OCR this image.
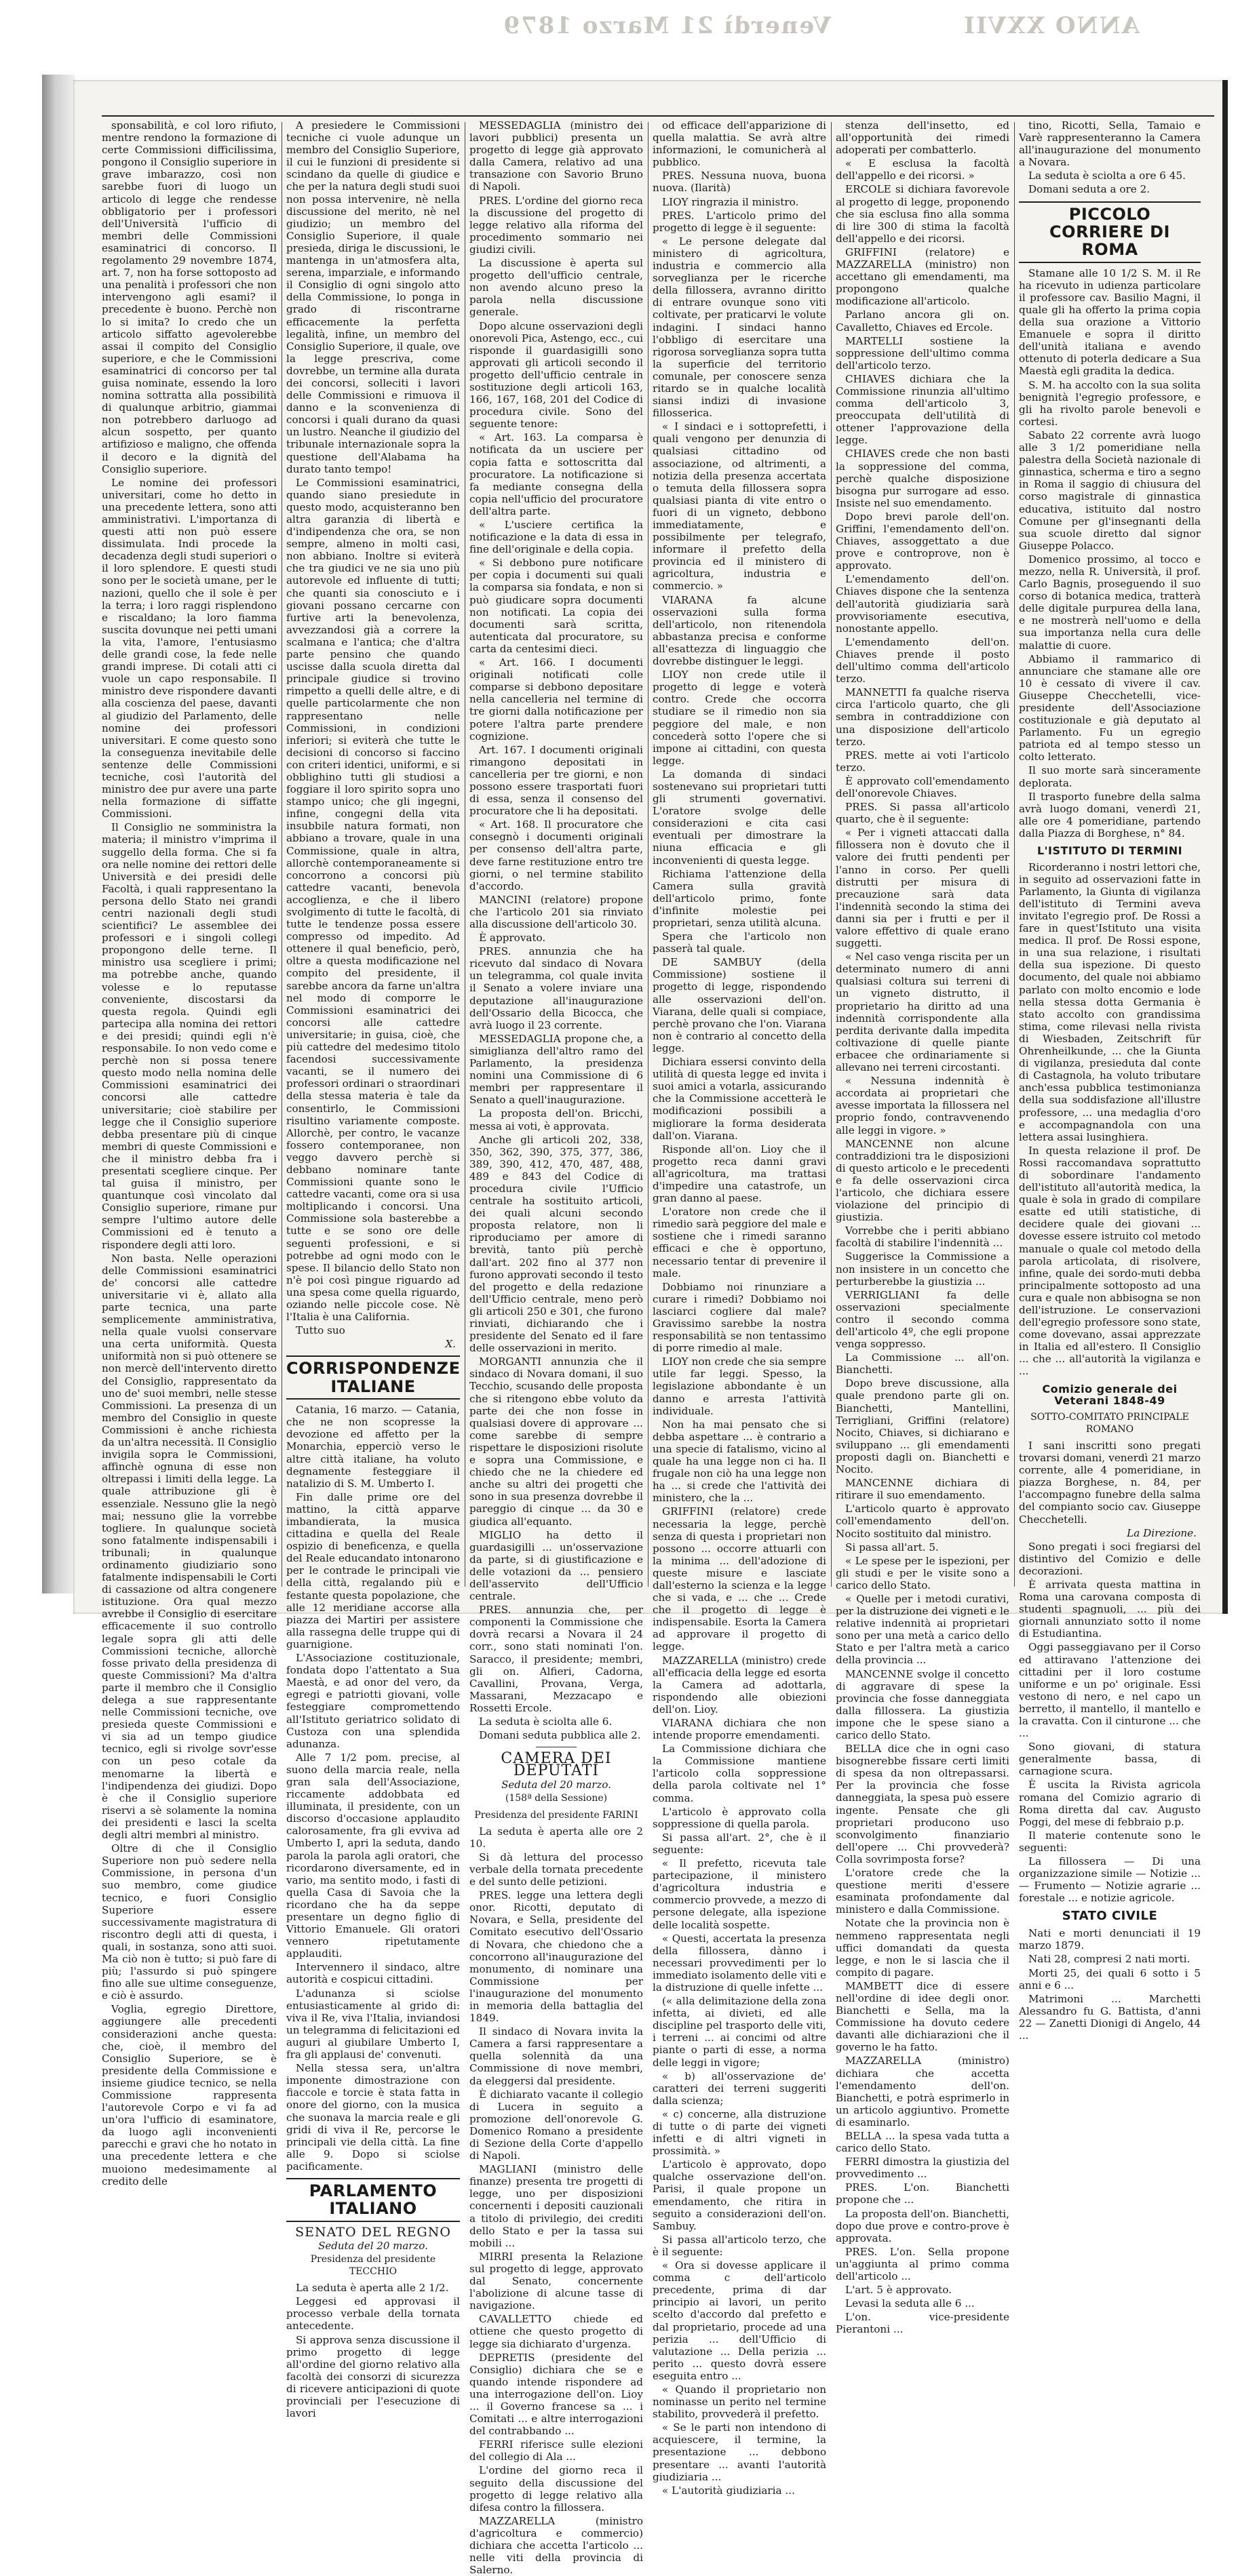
ANNO XXVII Venerdì 21 Marzo 1879

sponsabilità, e col loro rifiuto, mentre rendono la formazione di certe Commissioni difficilissima, pongono il Consiglio superiore in grave imbarazzo, così non sarebbe fuori di luogo un articolo di legge che rendesse obbligatorio per i professori dell'Università l'ufficio di membri delle Commissioni esaminatrici di concorso. Il regolamento 29 novembre 1874, art. 7, non ha forse sottoposto ad una penalità i professori che non intervengono agli esami? il precedente è buono. Perchè non lo si imita? Io credo che un articolo siffatto agevolerebbe assai il compito del Consiglio superiore, e che le Commissioni esaminatrici di concorso per tal guisa nominate, essendo la loro nomina sottratta alla possibilità di qualunque arbitrio, giammai non potrebbero darluogo ad alcun sospetto, per quanto artifizioso e maligno, che offenda il decoro e la dignità del Consiglio superiore.

Le nomine dei professori universitari, come ho detto in una precedente lettera, sono atti amministrativi. L'importanza di questi atti non può essere dissimulata. Indi procede la decadenza degli studi superiori o il loro splendore. E questi studi sono per le società umane, per le nazioni, quello che il sole è per la terra; i loro raggi risplendono e riscaldano; la loro fiamma suscita dovunque nei petti umani la vita, l'amore, l'entusiasmo delle grandi cose, la fede nelle grandi imprese. Di cotali atti ci vuole un capo responsabile. Il ministro deve rispondere davanti alla coscienza del paese, davanti al giudizio del Parlamento, delle nomine dei professori universitari. E come questo sono la conseguenza inevitabile delle sentenze delle Commissioni tecniche, così l'autorità del ministro dee pur avere una parte nella formazione di siffatte Commissioni.

Il Consiglio ne somministra la materia; il ministro v'imprima il suggello della forma. Che si fa ora nelle nomine dei rettori delle Università e dei presidi delle Facoltà, i quali rappresentano la persona dello Stato nei grandi centri nazionali degli studi scientifici? Le assemblee dei professori e i singoli collegi propongono delle terne. Il ministro usa scegliere i primi; ma potrebbe anche, quando volesse e lo reputasse conveniente, discostarsi da questa regola. Quindi egli partecipa alla nomina dei rettori e dei presidi; quindi egli n'è responsabile. Io non vedo come e perchè non si possa tenere questo modo nella nomina delle Commissioni esaminatrici dei concorsi alle cattedre universitarie; cioè stabilire per legge che il Consiglio superiore debba presentare più di cinque membri di queste Commissioni e che il ministro debba fra i presentati scegliere cinque. Per tal guisa il ministro, per quantunque così vincolato dal Consiglio superiore, rimane pur sempre l'ultimo autore delle Commissioni ed è tenuto a rispondere degli atti loro.

Non basta. Nelle operazioni delle Commissioni esaminatrici de' concorsi alle cattedre universitarie vi è, allato alla parte tecnica, una parte semplicemente amministrativa, nella quale vuolsi conservare una certa uniformità. Questa uniformità non si può ottenere se non mercè dell'intervento diretto del Consiglio, rappresentato da uno de' suoi membri, nelle stesse Commissioni. La presenza di un membro del Consiglio in queste Commissioni è anche richiesta da un'altra necessità. Il Consiglio invigila sopra le Commissioni, affinchè ognuna di esse non oltrepassi i limiti della legge. La quale attribuzione gli è essenziale. Nessuno glie la negò mai; nessuno glie la vorrebbe togliere. In qualunque società sono fatalmente indispensabili i tribunali; in qualunque ordinamento giudiziario sono fatalmente indispensabili le Corti di cassazione od altra congenere istituzione. Ora qual mezzo avrebbe il Consiglio di esercitare efficacemente il suo controllo legale sopra gli atti delle Commissioni tecniche, allorchè fosse privato della presidenza di queste Commissioni? Ma d'altra parte il membro che il Consiglio delega a sue rappresentante nelle Commissioni tecniche, ove presieda queste Commissioni e vi sia ad un tempo giudice tecnico, egli si rivolge sovr'esse con un peso cotale da menomarne la libertà e l'indipendenza dei giudizi. Dopo è che il Consiglio superiore riservi a sè solamente la nomina dei presidenti e lasci la scelta degli altri membri al ministro.

Oltre di che il Consiglio Superiore non può sedere nella Commissione, in persona d'un suo membro, come giudice tecnico, e fuori Consiglio Superiore essere successivamente magistratura di riscontro degli atti di questa, i quali, in sostanza, sono atti suoi. Ma ciò non è tutto; si può fare di più; l'assurdo si può spingere fino alle sue ultime conseguenze, e ciò è assurdo.

Voglia, egregio Direttore, aggiungere alle precedenti considerazioni anche questa: che, cioè, il membro del Consiglio Superiore, se è presidente della Commissione e insieme giudice tecnico, se nella Commissione rappresenta l'autorevole Corpo e vi fa ad un'ora l'ufficio di esaminatore, da luogo agli inconvenienti parecchi e gravi che ho notato in una precedente lettera e che muoiono medesimamente al credito delle

A presiedere le Commissioni tecniche ci vuole adunque un membro del Consiglio Superiore, il cui le funzioni di presidente si scindano da quelle di giudice e che per la natura degli studi suoi non possa intervenire, nè nella discussione del merito, nè nel giudizio; un membro del Consiglio Superiore, il quale presieda, diriga le discussioni, le mantenga in un'atmosfera alta, serena, imparziale, e informando il Consiglio di ogni singolo atto della Commissione, lo ponga in grado di riscontrarne efficacemente la perfetta legalità, infine, un membro del Consiglio Superiore, il quale, ove la legge prescriva, come dovrebbe, un termine alla durata dei concorsi, solleciti i lavori delle Commissioni e rimuova il danno e la sconvenienza di concorsi i quali durano da quasi un lustro. Neanche il giudizio del tribunale internazionale sopra la questione dell'Alabama ha durato tanto tempo!

Le Commissioni esaminatrici, quando siano presiedute in questo modo, acquisteranno ben altra garanzia di libertà e d'indipendenza che ora, se non sempre, almeno in molti casi, non abbiano. Inoltre si eviterà che tra giudici ve ne sia uno più autorevole ed influente di tutti; che quanti sia conosciuto e i giovani possano cercarne con furtive arti la benevolenza, avvezzandosi già a correre la scalmana e l'antica; che d'altra parte pensino che quando uscisse dalla scuola diretta dal principale giudice si trovino rimpetto a quelli delle altre, e di quelle particolarmente che non rappresentano nelle Commissioni, in condizioni inferiori; si eviterà che tutte le decisioni di concorso si faccino con criteri identici, uniformi, e si obblighino tutti gli studiosi a foggiare il loro spirito sopra uno stampo unico; che gli ingegni, infine, congegni della vita insubbile natura formati, non abbiano a trovare, quale in una Commissione, quale in altra, allorchè contemporaneamente si concorrono a concorsi più cattedre vacanti, benevola accoglienza, e che il libero svolgimento di tutte le facoltà, di tutte le tendenze possa essere compresso od impedito. Ad ottenere il qual beneficio, però, oltre a questa modificazione nel compito del presidente, il sarebbe ancora da farne un'altra nel modo di comporre le Commissioni esaminatrici dei concorsi alle cattedre universitarie; in guisa, cioè, che più cattedre del medesimo titolo facendosi successivamente vacanti, se il numero dei professori ordinari o straordinari della stessa materia è tale da consentirlo, le Commissioni risultino variamente composte. Allorchè, per contro, le vacanze fossero contemporanee, non veggo davvero perchè si debbano nominare tante Commissioni quante sono le cattedre vacanti, come ora si usa moltiplicando i concorsi. Una Commissione sola basterebbe a tutte e se sono ore delle seguenti professioni, e si potrebbe ad ogni modo con le spese. Il bilancio dello Stato non n'è poi così pingue riguardo ad una spesa come quella riguardo, oziando nelle piccole cose. Nè l'Italia è una California.

Tutto suo

X.
CORRISPONDENZE ITALIANE

Catania, 16 marzo. — Catania, che ne non scopresse la devozione ed affetto per la Monarchia, epperciò verso le altre città italiane, ha voluto degnamente festeggiare il natalizio di S. M. Umberto I.

Fin dalle prime ore del mattino, la città apparve imbandierata, la musica cittadina e quella del Reale ospizio di beneficenza, e quella del Reale educandato intonarono per le contrade le principali vie della città, regalando più e festante questa popolazione, che alle 12 meridiane accorse alla piazza dei Martiri per assistere alla rassegna delle truppe qui di guarnigione.

L'Associazione costituzionale, fondata dopo l'attentato a Sua Maestà, e ad onor del vero, da egregi e patriotti giovani, volle festeggiare compromettendo all'Istituto geriatrico solidato di Custoza con una splendida adunanza.

Alle 7 1/2 pom. precise, al suono della marcia reale, nella gran sala dell'Associazione, riccamente addobbata ed illuminata, il presidente, con un discorso d'occasione applaudito calorosamente, fra gli evviva ad Umberto I, apri la seduta, dando parola la parola agli oratori, che ricordarono diversamente, ed in vario, ma sentito modo, i fasti di quella Casa di Savoia che la ricordano che ha da seppe presentare un degno figlio di Vittorio Emanuele. Gli oratori vennero ripetutamente applauditi.

Intervennero il sindaco, altre autorità e cospicui cittadini.

L'adunanza si sciolse entusiasticamente al grido di: viva il Re, viva l'Italia, inviandosi un telegramma di felicitazioni ed auguri al giubilare Umberto I, fra gli applausi de' convenuti.

Nella stessa sera, un'altra imponente dimostrazione con fiaccole e torcie è stata fatta in onore del giorno, con la musica che suonava la marcia reale e gli gridi di viva il Re, percorse le principali vie della città. La fine alle 9. Dopo si sciolse pacificamente.

PARLAMENTO ITALIANO
SENATO DEL REGNO
Seduta del 20 marzo.
Presidenza del presidente TECCHIO

La seduta è aperta alle 2 1/2.

Leggesi ed approvasi il processo verbale della tornata antecedente.

Si approva senza discussione il primo progetto di legge all'ordine del giorno relativo alla facoltà dei consorzi di sicurezza di ricevere anticipazioni di quote provinciali per l'esecuzione di lavori

MESSEDAGLIA (ministro dei lavori pubblici) presenta un progetto di legge già approvato dalla Camera, relativo ad una transazione con Savorio Bruno di Napoli.

PRES. L'ordine del giorno reca la discussione del progetto di legge relativo alla riforma del procedimento sommario nei giudizi civili.

La discussione è aperta sul progetto dell'ufficio centrale, non avendo alcuno preso la parola nella discussione generale.

Dopo alcune osservazioni degli onorevoli Pica, Astengo, ecc., cui risponde il guardasigilli sono approvati gli articoli secondo il progetto dell'ufficio centrale in sostituzione degli articoli 163, 166, 167, 168, 201 del Codice di procedura civile. Sono del seguente tenore:

« Art. 163. La comparsa è notificata da un usciere per copia fatta e sottoscritta dal procuratore. La notificazione si fa mediante consegna della copia nell'ufficio del procuratore dell'altra parte.

« L'usciere certifica la notificazione e la data di essa in fine dell'originale e della copia.

« Si debbono pure notificare per copia i documenti sui quali la comparsa sia fondata, e non si può giudicare sopra documenti non notificati. La copia dei documenti sarà scritta, autenticata dal procuratore, su carta da centesimi dieci.

« Art. 166. I documenti originali notificati colle comparse si debbono depositare nella cancelleria nel termine di tre giorni dalla notificazione per potere l'altra parte prendere cognizione.

Art. 167. I documenti originali rimangono depositati in cancelleria per tre giorni, e non possono essere trasportati fuori di essa, senza il consenso del procuratore che li ha depositati.

« Art. 168. Il procuratore che consegnò i documenti originali per consenso dell'altra parte, deve farne restituzione entro tre giorni, o nel termine stabilito d'accordo.

MANCINI (relatore) propone che l'articolo 201 sia rinviato alla discussione dell'articolo 30.

È approvato.

PRES. annunzia che ha ricevuto dal sindaco di Novara un telegramma, col quale invita il Senato a volere inviare una deputazione all'inaugurazione dell'Ossario della Bicocca, che avrà luogo il 23 corrente.

MESSEDAGLIA propone che, a simiglianza dell'altro ramo del Parlamento, la presidenza nomini una Commissione di 6 membri per rappresentare il Senato a quell'inaugurazione.

La proposta dell'on. Bricchi, messa ai voti, è approvata.

Anche gli articoli 202, 338, 350, 362, 390, 375, 377, 386, 389, 390, 412, 470, 487, 488, 489 e 843 del Codice di procedura civile l'Ufficio centrale ha sostituito articoli, dei quali alcuni secondo proposta relatore, non li riproduciamo per amore di brevità, tanto più perchè dall'art. 202 fino al 377 non furono approvati secondo il testo del progetto e della redazione dell'Ufficio centrale, meno però gli articoli 250 e 301, che furono rinviati, dichiarando che i presidente del Senato ed il fare delle osservazioni in merito.

MORGANTI annunzia che il sindaco di Novara domani, il suo Tecchio, scusando delle proposta che si ritengono ebbe voluto da parte dei che non fosse in qualsiasi dovere di approvare ... come sarebbe di sempre rispettare le disposizioni risolute e sopra una Commissione, e chiedo che ne la chiedere ed anche su altri dei progetti che sono in sua presenza dovrebbe il pareggio di cinque ... da 30 e giudica all'equanto.

MIGLIO ha detto il guardasigilli ... un'osservazione da parte, si di giustificazione e delle votazioni da ... pensiero dell'asservito dell'Ufficio centrale.

PRES. annunzia che, per componenti la Commissione che dovrà recarsi a Novara il 24 corr., sono stati nominati l'on. Saracco, il presidente; membri, gli on. Alfieri, Cadorna, Cavallini, Provana, Verga, Massarani, Mezzacapo e Rossetti Ercole.

La seduta è sciolta alle 6.

Domani seduta pubblica alle 2.

CAMERA DEI DEPUTATI
Seduta del 20 marzo.
(158ª della Sessione)
Presidenza del presidente FARINI

La seduta è aperta alle ore 2 10.

Si dà lettura del processo verbale della tornata precedente e del sunto delle petizioni.

PRES. legge una lettera degli onor. Ricotti, deputato di Novara, e Sella, presidente del Comitato esecutivo dell'Ossario di Novara, che chiedono che a concorrono all'inaugurazione del monumento, di nominare una Commissione per l'inaugurazione del monumento in memoria della battaglia del 1849.

Il sindaco di Novara invita la Camera a farsi rappresentare a quella solennità da una Commissione di nove membri, da eleggersi dal presidente.

È dichiarato vacante il collegio di Lucera in seguito a promozione dell'onorevole G. Domenico Romano a presidente di Sezione della Corte d'appello di Napoli.

MAGLIANI (ministro delle finanze) presenta tre progetti di legge, uno per disposizioni concernenti i depositi cauzionali a titolo di privilegio, dei crediti dello Stato e per la tassa sui mobili ...

MIRRI presenta la Relazione sul progetto di legge, approvato dal Senato, concernente l'abolizione di alcune tasse di navigazione.

CAVALLETTO chiede ed ottiene che questo progetto di legge sia dichiarato d'urgenza.

DEPRETIS (presidente del Consiglio) dichiara che se e quando intende rispondere ad una interrogazione dell'on. Lioy ... il Governo francese sa ... i Comitati ... e altre interrogazioni del contrabbando ...

FERRI riferisce sulle elezioni del collegio di Ala ...

L'ordine del giorno reca il seguito della discussione del progetto di legge relativo alla difesa contro la fillossera.

MAZZARELLA (ministro d'agricoltura e commercio) dichiara che accetta l'articolo ... nelle viti della provincia di Salerno.

od efficace dell'apparizione di quella malattia. Se avrà altre informazioni, le comunicherà al pubblico.

PRES. Nessuna nuova, buona nuova. (Ilarità)

LIOY ringrazia il ministro.

PRES. L'articolo primo del progetto di legge è il seguente:

« Le persone delegate dal ministero di agricoltura, industria e commercio alla sorveglianza per le ricerche della fillossera, avranno diritto di entrare ovunque sono viti coltivate, per praticarvi le volute indagini. I sindaci hanno l'obbligo di esercitare una rigorosa sorveglianza sopra tutta la superficie del territorio comunale, per conoscere senza ritardo se in qualche località siansi indizi di invasione fillosserica.

« I sindaci e i sottoprefetti, i quali vengono per denunzia di qualsiasi cittadino od associazione, od altrimenti, a notizia della presenza accertata o temuta della fillossera sopra qualsiasi pianta di vite entro o fuori di un vigneto, debbono immediatamente, e possibilmente per telegrafo, informare il prefetto della provincia ed il ministero di agricoltura, industria e commercio. »

VIARANA fa alcune osservazioni sulla forma dell'articolo, non ritenendola abbastanza precisa e conforme all'esattezza di linguaggio che dovrebbe distinguer le leggi.

LIOY non crede utile il progetto di legge e voterà contro. Crede che occorra studiare se il rimedio non sia peggiore del male, e non concederà sotto l'opere che si impone ai cittadini, con questa legge.

La domanda di sindaci sostenevano sui proprietari tutti gli strumenti governativi. L'oratore svolge delle considerazioni e cita casi eventuali per dimostrare la niuna efficacia e gli inconvenienti di questa legge.

Richiama l'attenzione della Camera sulla gravità dell'articolo primo, fonte d'infinite molestie pei proprietari, senza utilità alcuna.

Spera che l'articolo non passerà tal quale.

DE SAMBUY (della Commissione) sostiene il progetto di legge, rispondendo alle osservazioni dell'on. Viarana, delle quali si compiace, perchè provano che l'on. Viarana non è contrario al concetto della legge.

Dichiara essersi convinto della utilità di questa legge ed invita i suoi amici a votarla, assicurando che la Commissione accetterà le modificazioni possibili a migliorare la forma desiderata dall'on. Viarana.

Risponde all'on. Lioy che il progetto reca danni gravi all'agricoltura, ma trattasi d'impedire una catastrofe, un gran danno al paese.

L'oratore non crede che il rimedio sarà peggiore del male e sostiene che i rimedi saranno efficaci e che è opportuno, necessario tentar di prevenire il male.

Dobbiamo noi rinunziare a curare i rimedi? Dobbiamo noi lasciarci cogliere dal male? Gravissimo sarebbe la nostra responsabilità se non tentassimo di porre rimedio al male.

LIOY non crede che sia sempre utile far leggi. Spesso, la legislazione abbondante è un danno e arresta l'attività individuale.

Non ha mai pensato che si debba aspettare ... è contrario a una specie di fatalismo, vicino al quale ha una legge non ci ha. Il frugale non ciò ha una legge non ha ... si crede che l'attività dei ministero, che la ...

GRIFFINI (relatore) crede necessaria la legge, perchè senza di questa i proprietari non possono ... occorre attuarli con la minima ... dell'adozione di queste misure e lasciate dall'esterno la scienza e la legge che si vada, e ... che ... Crede che il progetto di legge è indispensabile. Esorta la Camera ad approvare il progetto di legge.

MAZZARELLA (ministro) crede all'efficacia della legge ed esorta la Camera ad adottarla, rispondendo alle obiezioni dell'on. Lioy.

VIARANA dichiara che non intende proporre emendamenti.

La Commissione dichiara che la Commissione mantiene l'articolo colla soppressione della parola coltivate nel 1° comma.

L'articolo è approvato colla soppressione di quella parola.

Si passa all'art. 2°, che è il seguente:

« Il prefetto, ricevuta tale partecipazione, il ministero d'agricoltura industria e commercio provvede, a mezzo di persone delegate, alla ispezione delle località sospette.

« Questi, accertata la presenza della fillossera, dànno i necessari provvedimenti per lo immediato isolamento delle viti e la distruzione di quelle infette ...

(« alla delimitazione della zona infetta, ai divieti, ed alle discipline pel trasporto delle viti, i terreni ... ai concimi od altre piante o parti di esse, a norma delle leggi in vigore;

« b) all'osservazione de' caratteri dei terreni suggeriti dalla scienza;

« c) concerne, alla distruzione di tutte o di parte dei vigneti infetti e di altri vigneti in prossimità. »

L'articolo è approvato, dopo qualche osservazione dell'on. Parisi, il quale propone un emendamento, che ritira in seguito a considerazioni dell'on. Sambuy.

Si passa all'articolo terzo, che è il seguente:

« Ora si dovesse applicare il comma c dell'articolo precedente, prima di dar principio ai lavori, un perito scelto d'accordo dal prefetto e dal proprietario, procede ad una perizia ... dell'Ufficio di valutazione ... Della perizia ... perito ... questo dovrà essere eseguita entro ...

« Quando il proprietario non nominasse un perito nel termine stabilito, provvederà il prefetto.

« Se le parti non intendono di acquiescere, il termine, la presentazione ... debbono presentare ... avanti l'autorità giudiziaria ...

« L'autorità giudiziaria ...

stenza dell'insetto, ed all'opportunità dei rimedi adoperati per combatterlo.

« E esclusa la facoltà dell'appello e dei ricorsi. »

ERCOLE si dichiara favorevole al progetto di legge, proponendo che sia esclusa fino alla somma di lire 300 di stima la facoltà dell'appello e dei ricorsi.

GRIFFINI (relatore) e MAZZARELLA (ministro) non accettano gli emendamenti, ma propongono qualche modificazione all'articolo.

Parlano ancora gli on. Cavalletto, Chiaves ed Ercole.

MARTELLI sostiene la soppressione dell'ultimo comma dell'articolo terzo.

CHIAVES dichiara che la Commissione rinunzia all'ultimo comma dell'articolo 3, preoccupata dell'utilità di ottener l'approvazione della legge.

CHIAVES crede che non basti la soppressione del comma, perchè qualche disposizione bisogna pur surrogare ad esso. Insiste nel suo emendamento.

Dopo brevi parole dell'on. Griffini, l'emendamento dell'on. Chiaves, assoggettato a due prove e controprove, non è approvato.

L'emendamento dell'on. Chiaves dispone che la sentenza dell'autorità giudiziaria sarà provvisoriamente esecutiva, nonostante appello.

L'emendamento dell'on. Chiaves prende il posto dell'ultimo comma dell'articolo terzo.

MANNETTI fa qualche riserva circa l'articolo quarto, che gli sembra in contraddizione con una disposizione dell'articolo terzo.

PRES. mette ai voti l'articolo terzo.

È approvato coll'emendamento dell'onorevole Chiaves.

PRES. Si passa all'articolo quarto, che è il seguente:

« Per i vigneti attaccati dalla fillossera non è dovuto che il valore dei frutti pendenti per l'anno in corso. Per quelli distrutti per misura di precauzione sarà data l'indennità secondo la stima dei danni sia per i frutti e per il valore effettivo di quale erano suggetti.

« Nel caso venga riscita per un determinato numero di anni qualsiasi coltura sui terreni di un vigneto distrutto, il proprietario ha diritto ad una indennità corrispondente alla perdita derivante dalla impedita coltivazione di quelle piante erbacee che ordinariamente si allevano nei terreni circostanti.

« Nessuna indennità è accordata ai proprietari che avesse importata la fillossera nel proprio fondo, contravvenendo alle leggi in vigore. »

MANCENNE non alcune contraddizioni tra le disposizioni di questo articolo e le precedenti e fa delle osservazioni circa l'articolo, che dichiara essere violazione del principio di giustizia.

Vorrebbe che i periti abbiano facoltà di stabilire l'indennità ...

Suggerisce la Commissione a non insistere in un concetto che perturberebbe la giustizia ...

VERRIGLIANI fa delle osservazioni specialmente contro il secondo comma dell'articolo 4º, che egli propone venga soppresso.

La Commissione ... all'on. Bianchetti.

Dopo breve discussione, alla quale prendono parte gli on. Bianchetti, Mantellini, Terrigliani, Griffini (relatore) Nocito, Chiaves, si dichiarano e sviluppano ... gli emendamenti proposti dagli on. Bianchetti e Nocito.

MANCENNE dichiara di ritirare il suo emendamento.

L'articolo quarto è approvato coll'emendamento dell'on. Nocito sostituito dal ministro.

Si passa all'art. 5.

« Le spese per le ispezioni, per gli studi e per le visite sono a carico dello Stato.

« Quelle per i metodi curativi, per la distruzione dei vigneti e le relative indennità ai proprietari sono per una metà a carico dello Stato e per l'altra metà a carico della provincia ...

MANCENNE svolge il concetto di aggravare di spese la provincia che fosse danneggiata dalla fillossera. La giustizia impone che le spese siano a carico dello Stato.

BELLA dice che in ogni caso bisognerebbe fissare certi limiti di spesa da non oltrepassarsi. Per la provincia che fosse danneggiata, la spesa può essere ingente. Pensate che gli proprietari producono uso sconvolgimento finanziario dell'opere ... Chi provvederà? Colla sovrimposta forse?

L'oratore crede che la questione meriti d'essere esaminata profondamente dal ministero e dalla Commissione.

Notate che la provincia non è nemmeno rappresentata negli uffici domandati da questa legge, e non le si lascia che il compito di pagare.

MAMBETT dice di essere nell'ordine di idee degli onor. Bianchetti e Sella, ma la Commissione ha dovuto cedere davanti alle dichiarazioni che il governo le ha fatto.

MAZZARELLA (ministro) dichiara che accetta l'emendamento dell'on. Bianchetti, e potrà esprimerlo in un articolo aggiuntivo. Promette di esaminarlo.

BELLA ... la spesa vada tutta a carico dello Stato.

FERRI dimostra la giustizia del provvedimento ...

PRES. L'on. Bianchetti propone che ...

La proposta dell'on. Bianchetti, dopo due prove e contro-prove è approvata.

PRES. L'on. Sella propone un'aggiunta al primo comma dell'articolo ...

L'art. 5 è approvato.

Levasi la seduta alle 6 ...

L'on. vice-presidente Pierantoni ...

tino, Ricotti, Sella, Tamaio e Varè rappresenteranno la Camera all'inaugurazione del monumento a Novara.

La seduta è sciolta a ore 6 45.

Domani seduta a ore 2.

PICCOLO CORRIERE DI ROMA

Stamane alle 10 1/2 S. M. il Re ha ricevuto in udienza particolare il professore cav. Basilio Magni, il quale gli ha offerto la prima copia della sua orazione a Vittorio Emanuele e sopra il diritto dell'unità italiana e avendo ottenuto di poterla dedicare a Sua Maestà egli gradita la dedica.

S. M. ha accolto con la sua solita benignità l'egregio professore, e gli ha rivolto parole benevoli e cortesi.

Sabato 22 corrente avrà luogo alle 3 1/2 pomeridiane nella palestra della Società nazionale di ginnastica, scherma e tiro a segno in Roma il saggio di chiusura del corso magistrale di ginnastica educativa, istituito dal nostro Comune per gl'insegnanti della sua scuole diretto dal signor Giuseppe Polacco.

Domenico prossimo, al tocco e mezzo, nella R. Università, il prof. Carlo Bagnis, proseguendo il suo corso di botanica medica, tratterà delle digitale purpurea della lana, e ne mostrerà nell'uomo e della sua importanza nella cura delle malattie di cuore.

Abbiamo il rammarico di annunciare che stamane alle ore 10 è cessato di vivere il cav. Giuseppe Checchetelli, vice-presidente dell'Associazione costituzionale e già deputato al Parlamento. Fu un egregio patriota ed al tempo stesso un colto letterato.

Il suo morte sarà sinceramente deplorata.

Il trasporto funebre della salma avrà luogo domani, venerdì 21, alle ore 4 pomeridiane, partendo dalla Piazza di Borghese, n° 84.

L'ISTITUTO DI TERMINI

Ricorderanno i nostri lettori che, in seguito ad osservazioni fatte in Parlamento, la Giunta di vigilanza dell'istituto di Termini aveva invitato l'egregio prof. De Rossi a fare in quest'Istituto una visita medica. Il prof. De Rossi espone, in una sua relazione, i risultati della sua ispezione. Di questo documento, del quale noi abbiamo parlato con molto encomio e lode nella stessa dotta Germania è stato accolto con grandissima stima, come rilevasi nella rivista di Wiesbaden, Zeitschrift für Ohrenheilkunde, ... che la Giunta di vigilanza, presieduta dal conte di Castagnola, ha voluto tributare anch'essa pubblica testimonianza della sua soddisfazione all'illustre professore, ... una medaglia d'oro e accompagnandola con una lettera assai lusinghiera.

In questa relazione il prof. De Rossi raccomandava soprattutto di sobordinare l'andamento dell'istituto all'autorità medica, la quale è sola in grado di compilare esatte ed utili statistiche, di decidere quale dei giovani ... dovesse essere istruito col metodo manuale o quale col metodo della parola articolata, di risolvere, infine, quale dei sordo-muti debba principalmente sottoposto ad una cura e quale non abbisogna se non dell'istruzione. Le conservazioni dell'egregio professore sono state, come dovevano, assai apprezzate in Italia ed all'estero. Il Consiglio ... che ... all'autorità la vigilanza e ...

Comizio generale dei Veterani 1848-49
SOTTO-COMITATO PRINCIPALE ROMANO

I sani inscritti sono pregati trovarsi domani, venerdì 21 marzo corrente, alle 4 pomeridiane, in piazza Borghese, n. 84, per l'accompagno funebre della salma del compianto socio cav. Giuseppe Checchetelli.

La Direzione.

Sono pregati i soci fregiarsi del distintivo del Comizio e delle decorazioni.

È arrivata questa mattina in Roma una carovana composta di studenti spagnuoli, ... più dei giornali annunziato sotto il nome di Estudiantina.

Oggi passeggiavano per il Corso ed attiravano l'attenzione dei cittadini per il loro costume uniforme e un po' originale. Essi vestono di nero, e nel capo un berretto, il mantello, il mantello e la cravatta. Con il cinturone ... che ...

Sono giovani, di statura generalmente bassa, di carnagione scura.

È uscita la Rivista agricola romana del Comizio agrario di Roma diretta dal cav. Augusto Poggi, del mese di febbraio p.p.

Il materie contenute sono le seguenti:

La fillossera — Di una organizzazione simile — Notizie ... — Frumento — Notizie agrarie ... forestale ... e notizie agricole.

STATO CIVILE

Nati e morti denunciati il 19 marzo 1879.

Nati 28, compresi 2 nati morti.

Morti 25, dei quali 6 sotto i 5 anni e 6 ...

Matrimoni ... Marchetti Alessandro fu G. Battista, d'anni 22 — Zanetti Dionigi di Angelo, 44 ...
